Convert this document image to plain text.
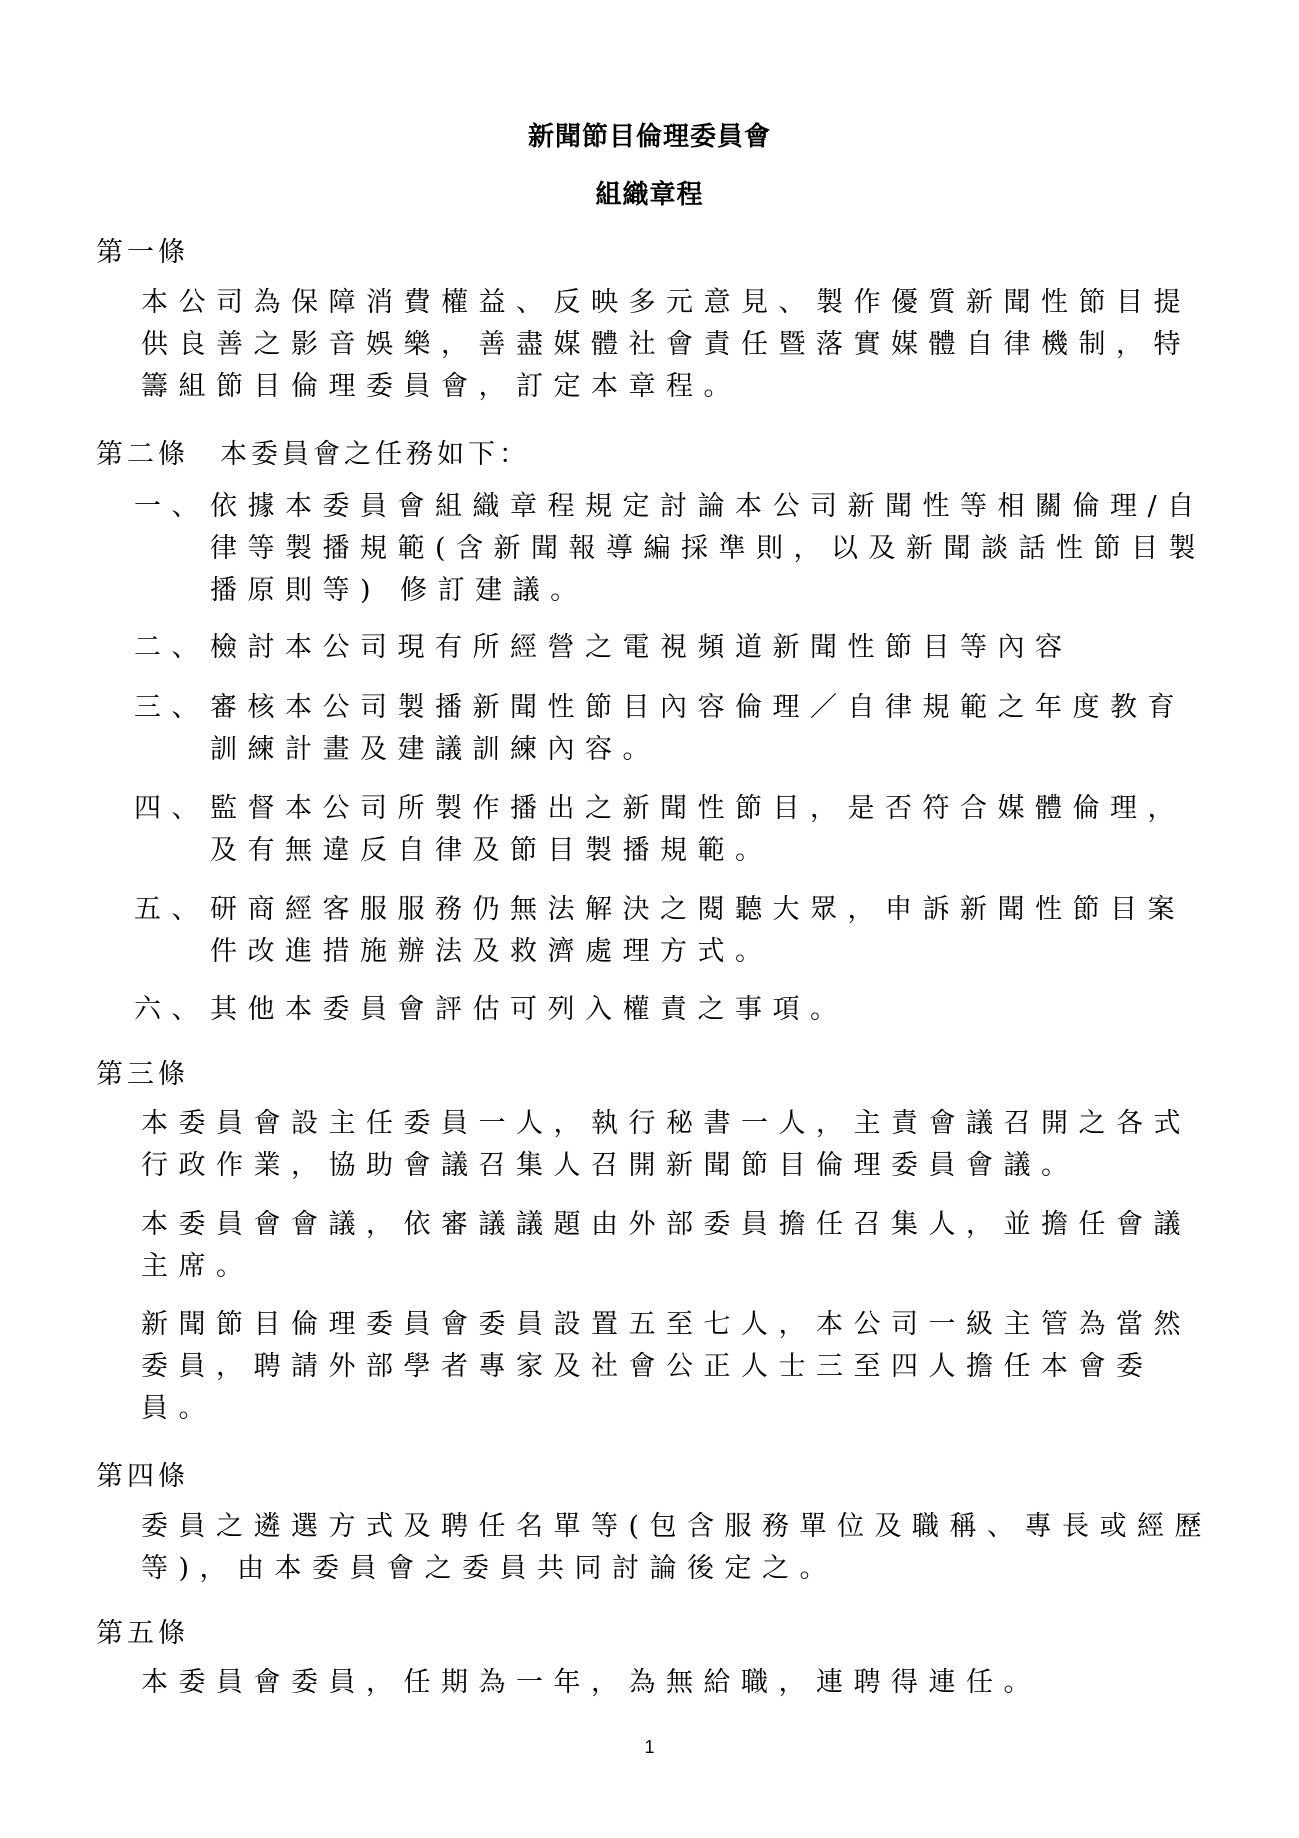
新聞節目倫理委員會
組織章程
第一條
本公司為保障消費權益、反映多元意見、製作優質新聞性節目提
供良善之影音娛樂，善盡媒體社會責任暨落實媒體自律機制，特
籌組節目倫理委員會，訂定本章程。
第二條　本委員會之任務如下：
一、 依據本委員會組織章程規定討論本公司新聞性等相關倫理/自
律等製播規範(含新聞報導編採準則，以及新聞談話性節目製
播原則等) 修訂建議。
二、 檢討本公司現有所經營之電視頻道新聞性節目等內容
三、 審核本公司製播新聞性節目內容倫理／自律規範之年度教育
訓練計畫及建議訓練內容。
四、 監督本公司所製作播出之新聞性節目，是否符合媒體倫理，
及有無違反自律及節目製播規範。
五、 研商經客服服務仍無法解決之閱聽大眾，申訴新聞性節目案
件改進措施辦法及救濟處理方式。
六、 其他本委員會評估可列入權責之事項。
第三條
本委員會設主任委員一人，執行秘書一人，主責會議召開之各式
行政作業，協助會議召集人召開新聞節目倫理委員會議。
本委員會會議，依審議議題由外部委員擔任召集人，並擔任會議
主席。
新聞節目倫理委員會委員設置五至七人，本公司一級主管為當然
委員，聘請外部學者專家及社會公正人士三至四人擔任本會委
員。
第四條
委員之遴選方式及聘任名單等(包含服務單位及職稱、專長或經歷
等)，由本委員會之委員共同討論後定之。
第五條
本委員會委員，任期為一年，為無給職，連聘得連任。
1
